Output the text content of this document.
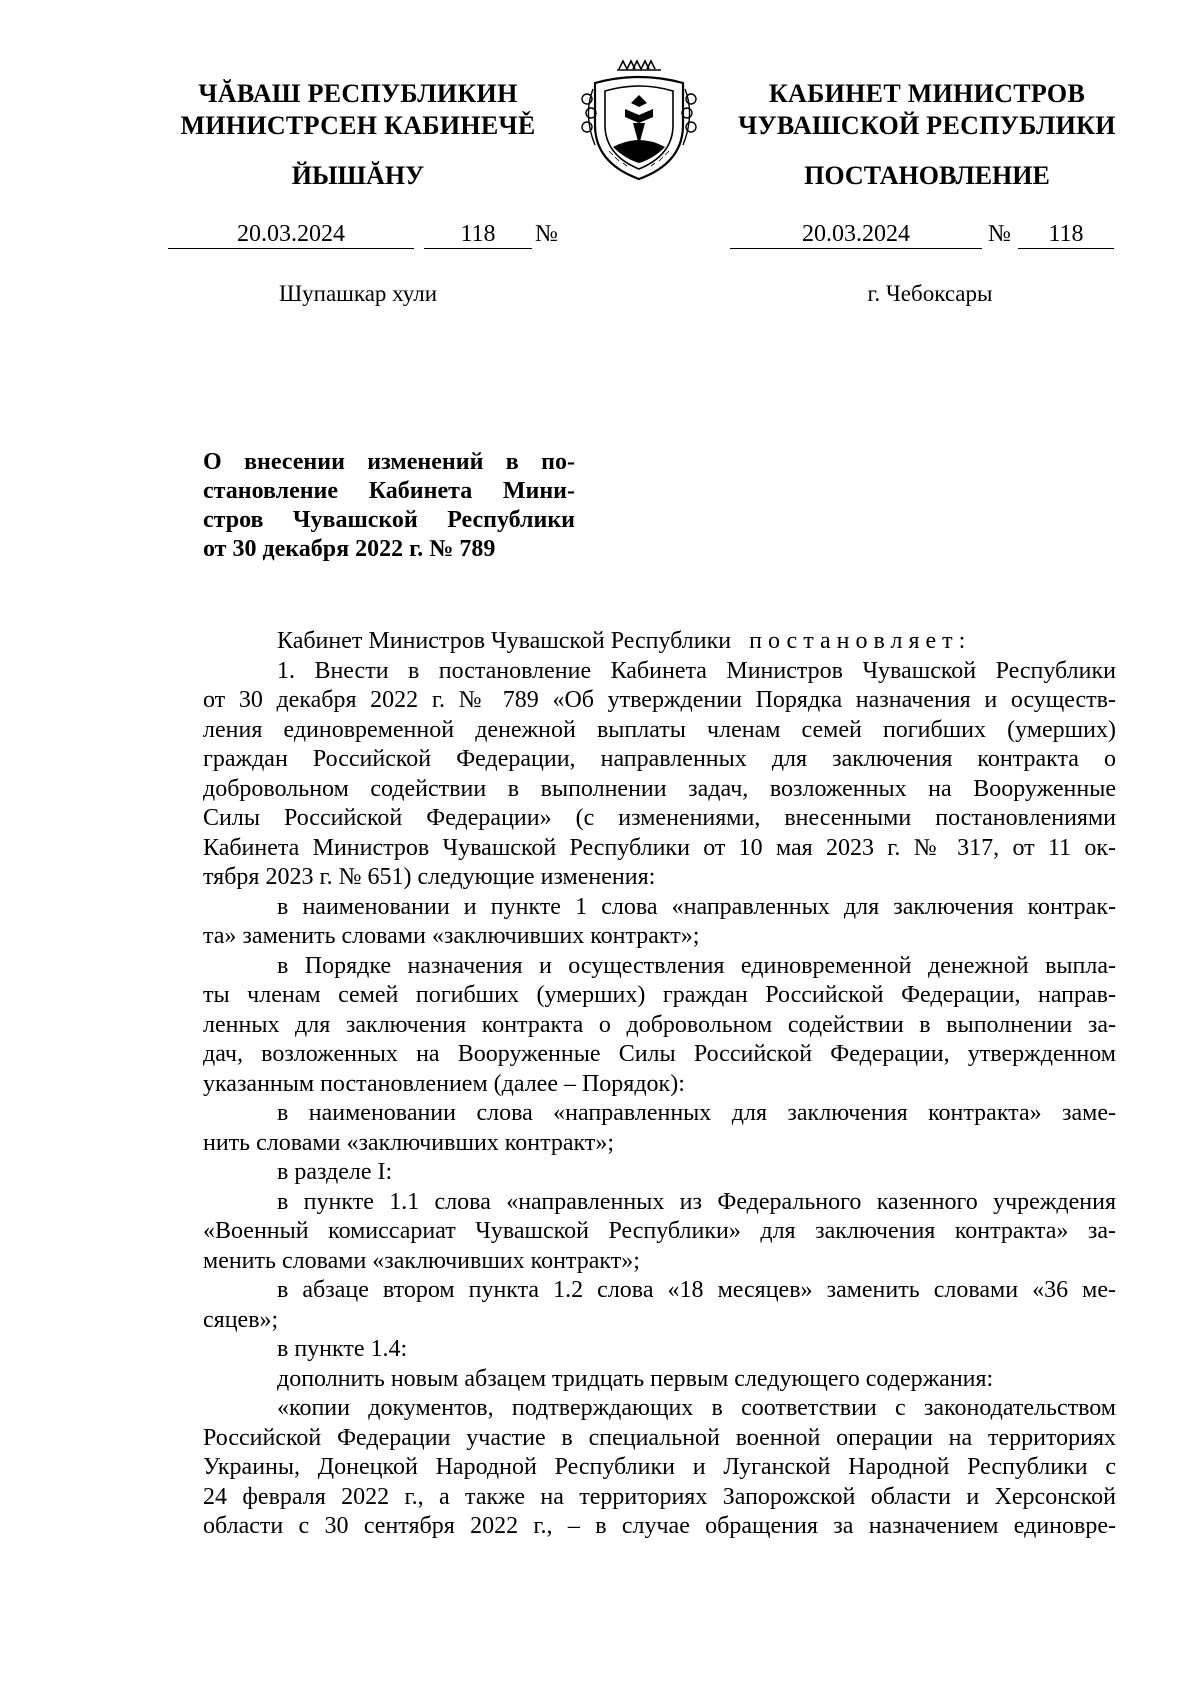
ЧĂВАШ РЕСПУБЛИКИН
МИНИСТРСЕН КАБИНЕЧĚ
ЙЫШĂНУ
КАБИНЕТ МИНИСТРОВ
ЧУВАШСКОЙ РЕСПУБЛИКИ
ПОСТАНОВЛЕНИЕ
20.03.2024	118	№	20.03.2024	№	118
Шупашкар хули	г. Чебоксары
О внесении изменений в по-
становление Кабинета Мини-
стров Чувашской Республики
от 30 декабря 2022 г. № 789
Кабинет Министров Чувашской Республики постановляет:
1. Внести в постановление Кабинета Министров Чувашской Республики
от 30 декабря 2022 г. № 789 «Об утверждении Порядка назначения и осуществ-
ления единовременной денежной выплаты членам семей погибших (умерших)
граждан Российской Федерации, направленных для заключения контракта о
добровольном содействии в выполнении задач, возложенных на Вооруженные
Силы Российской Федерации» (с изменениями, внесенными постановлениями
Кабинета Министров Чувашской Республики от 10 мая 2023 г. № 317, от 11 ок-
тября 2023 г. № 651) следующие изменения:
в наименовании и пункте 1 слова «направленных для заключения контрак-
та» заменить словами «заключивших контракт»;
в Порядке назначения и осуществления единовременной денежной выпла-
ты членам семей погибших (умерших) граждан Российской Федерации, направ-
ленных для заключения контракта о добровольном содействии в выполнении за-
дач, возложенных на Вооруженные Силы Российской Федерации, утвержденном
указанным постановлением (далее – Порядок):
в наименовании слова «направленных для заключения контракта» заме-
нить словами «заключивших контракт»;
в разделе I:
в пункте 1.1 слова «направленных из Федерального казенного учреждения
«Военный комиссариат Чувашской Республики» для заключения контракта» за-
менить словами «заключивших контракт»;
в абзаце втором пункта 1.2 слова «18 месяцев» заменить словами «36 ме-
сяцев»;
в пункте 1.4:
дополнить новым абзацем тридцать первым следующего содержания:
«копии документов, подтверждающих в соответствии с законодательством
Российской Федерации участие в специальной военной операции на территориях
Украины, Донецкой Народной Республики и Луганской Народной Республики с
24 февраля 2022 г., а также на территориях Запорожской области и Херсонской
области с 30 сентября 2022 г., – в случае обращения за назначением единовре-
